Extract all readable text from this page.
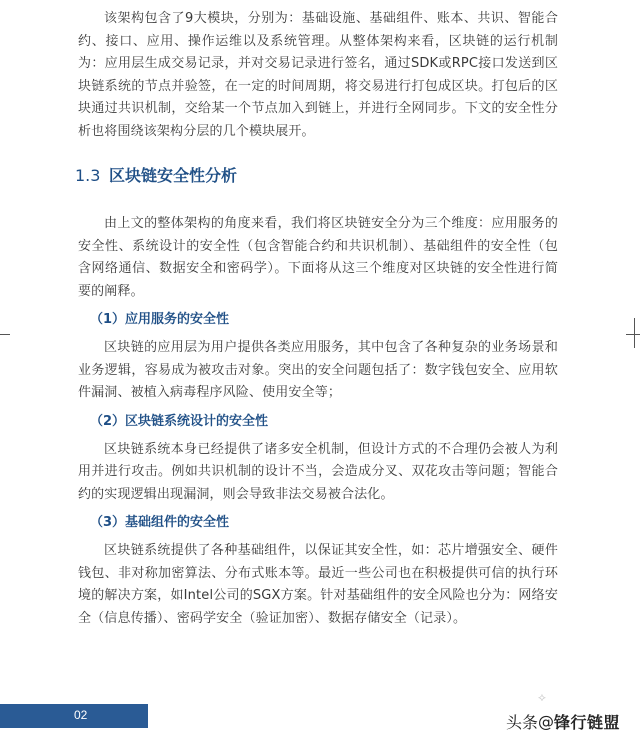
该架构包含了9大模块，分别为：基础设施、基础组件、账本、共识、智能合约、接口、应用、操作运维以及系统管理。从整体架构来看，区块链的运行机制为：应用层生成交易记录，并对交易记录进行签名，通过SDK或RPC接口发送到区块链系统的节点并验签，在一定的时间周期，将交易进行打包成区块。打包后的区块通过共识机制，交给某一个节点加入到链上，并进行全网同步。下文的安全性分析也将围绕该架构分层的几个模块展开。

1.3 区块链安全性分析

由上文的整体架构的角度来看，我们将区块链安全分为三个维度：应用服务的安全性、系统设计的安全性（包含智能合约和共识机制）、基础组件的安全性（包含网络通信、数据安全和密码学）。下面将从这三个维度对区块链的安全性进行简要的阐释。

（1）应用服务的安全性

区块链的应用层为用户提供各类应用服务，其中包含了各种复杂的业务场景和业务逻辑，容易成为被攻击对象。突出的安全问题包括了：数字钱包安全、应用软件漏洞、被植入病毒程序风险、使用安全等；

（2）区块链系统设计的安全性

区块链系统本身已经提供了诸多安全机制，但设计方式的不合理仍会被人为利用并进行攻击。例如共识机制的设计不当，会造成分叉、双花攻击等问题；智能合约的实现逻辑出现漏洞，则会导致非法交易被合法化。

（3）基础组件的安全性

区块链系统提供了各种基础组件，以保证其安全性，如：芯片增强安全、硬件钱包、非对称加密算法、分布式账本等。最近一些公司也在积极提供可信的执行环境的解决方案，如Intel公司的SGX方案。针对基础组件的安全风险也分为：网络安全（信息传播）、密码学安全（验证加密）、数据存储安全（记录）。

⟡
02	头条 @ 锋行链盟
